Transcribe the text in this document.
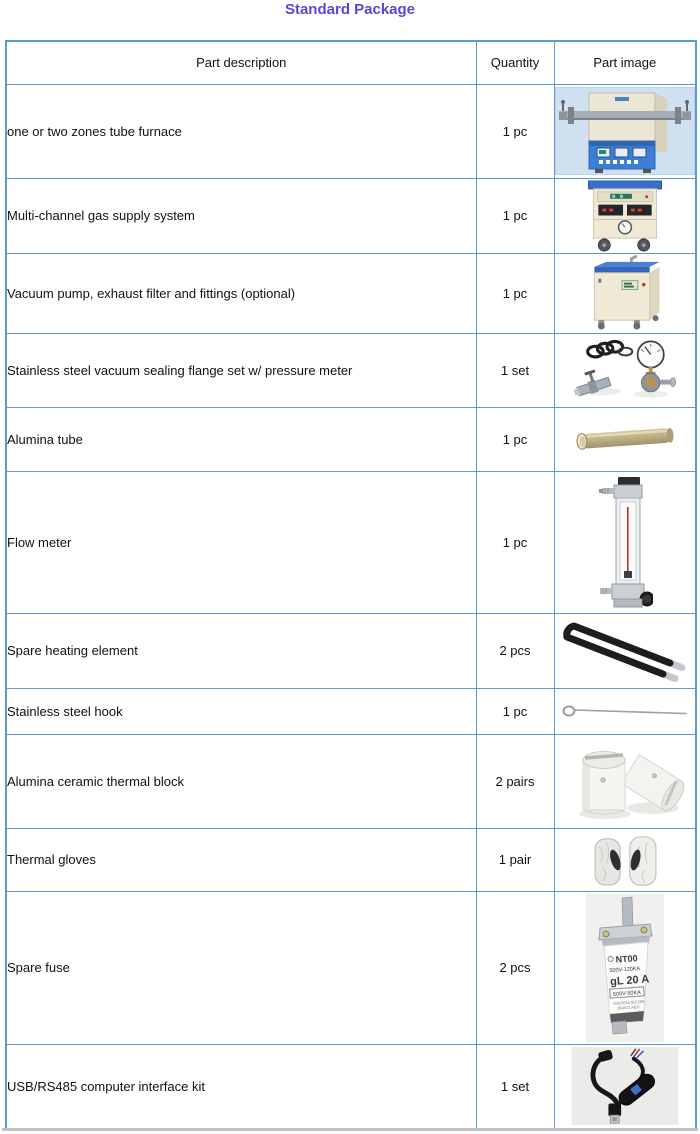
Standard Package
Part description	Quantity	Part image
one or two zones tube furnace	1 pc	

Multi-channel gas supply system	1 pc	

Vacuum pump, exhaust filter and fittings (optional)	1 pc	

Stainless steel vacuum sealing flange set w/ pressure meter	1 set	

Alumina tube	1 pc	

Flow meter	1 pc	

Spare heating element	2 pcs	

Stainless steel hook	1 pc	

Alumina ceramic thermal block	2 pairs	

Thermal gloves	1 pair	

Spare fuse	2 pcs	
NT00
500V-120KA
gL 20 A
500V-50KA
VDE0636 IEC269
JB4011 AEG

USB/RS485 computer interface kit	1 set	
